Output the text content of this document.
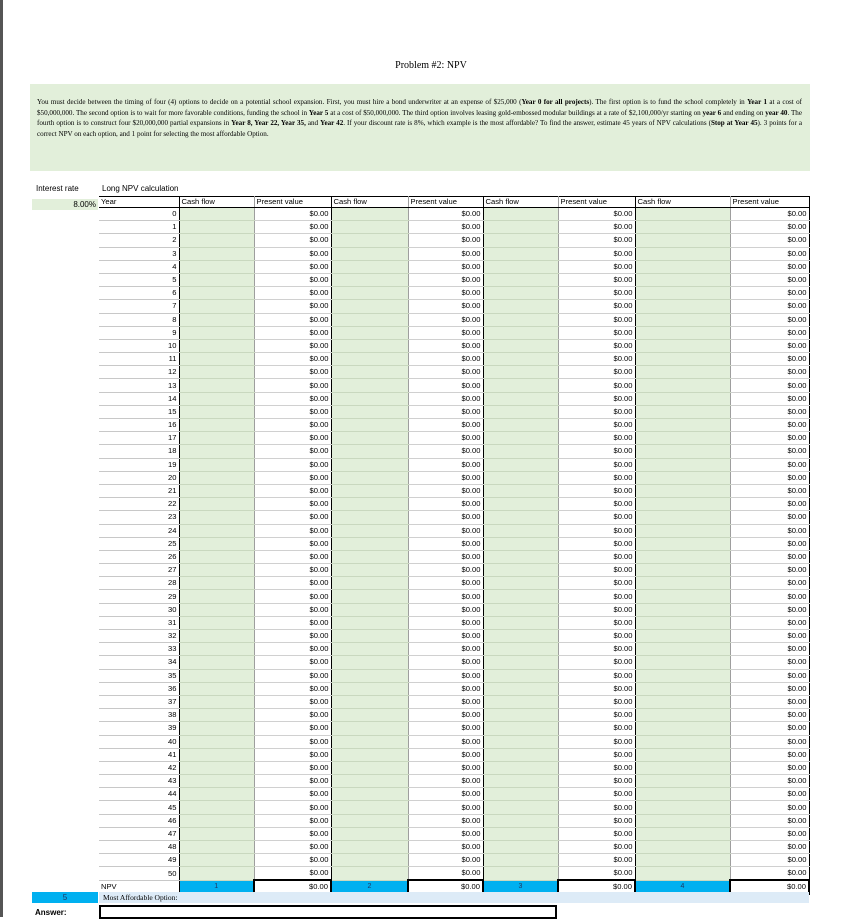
Problem #2: NPV
You must decide between the timing of four (4) options to decide on a potential school expansion. First, you must hire a bond underwriter at an expense of $25,000 (Year 0 for all projects). The first option is to fund the school completely in Year 1 at a cost of $50,000,000. The second option is to wait for more favorable conditions, funding the school in Year 5 at a cost of $50,000,000. The third option involves leasing gold-embossed modular buildings at a rate of $2,100,000/yr starting on year 6 and ending on year 40. The fourth option is to construct four $20,000,000 partial expansions in Year 8, Year 22, Year 35, and Year 42. If your discount rate is 8%, which example is the most affordable? To find the answer, estimate 45 years of NPV calculations (Stop at Year 45). 3 points for a correct NPV on each option, and 1 point for selecting the most affordable Option.
Interest rate	Long NPV calculation
8.00% Year	Cash flow	Present value	Cash flow	Present value	Cash flow	Present value	Cash flow	Present value
0		$0.00		$0.00		$0.00		$0.00
1		$0.00		$0.00		$0.00		$0.00
2		$0.00		$0.00		$0.00		$0.00
3		$0.00		$0.00		$0.00		$0.00
4		$0.00		$0.00		$0.00		$0.00
5		$0.00		$0.00		$0.00		$0.00
6		$0.00		$0.00		$0.00		$0.00
7		$0.00		$0.00		$0.00		$0.00
8		$0.00		$0.00		$0.00		$0.00
9		$0.00		$0.00		$0.00		$0.00
10		$0.00		$0.00		$0.00		$0.00
11		$0.00		$0.00		$0.00		$0.00
12		$0.00		$0.00		$0.00		$0.00
13		$0.00		$0.00		$0.00		$0.00
14		$0.00		$0.00		$0.00		$0.00
15		$0.00		$0.00		$0.00		$0.00
16		$0.00		$0.00		$0.00		$0.00
17		$0.00		$0.00		$0.00		$0.00
18		$0.00		$0.00		$0.00		$0.00
19		$0.00		$0.00		$0.00		$0.00
20		$0.00		$0.00		$0.00		$0.00
21		$0.00		$0.00		$0.00		$0.00
22		$0.00		$0.00		$0.00		$0.00
23		$0.00		$0.00		$0.00		$0.00
24		$0.00		$0.00		$0.00		$0.00
25		$0.00		$0.00		$0.00		$0.00
26		$0.00		$0.00		$0.00		$0.00
27		$0.00		$0.00		$0.00		$0.00
28		$0.00		$0.00		$0.00		$0.00
29		$0.00		$0.00		$0.00		$0.00
30		$0.00		$0.00		$0.00		$0.00
31		$0.00		$0.00		$0.00		$0.00
32		$0.00		$0.00		$0.00		$0.00
33		$0.00		$0.00		$0.00		$0.00
34		$0.00		$0.00		$0.00		$0.00
35		$0.00		$0.00		$0.00		$0.00
36		$0.00		$0.00		$0.00		$0.00
37		$0.00		$0.00		$0.00		$0.00
38		$0.00		$0.00		$0.00		$0.00
39		$0.00		$0.00		$0.00		$0.00
40		$0.00		$0.00		$0.00		$0.00
41		$0.00		$0.00		$0.00		$0.00
42		$0.00		$0.00		$0.00		$0.00
43		$0.00		$0.00		$0.00		$0.00
44		$0.00		$0.00		$0.00		$0.00
45		$0.00		$0.00		$0.00		$0.00
46		$0.00		$0.00		$0.00		$0.00
47		$0.00		$0.00		$0.00		$0.00
48		$0.00		$0.00		$0.00		$0.00
49		$0.00		$0.00		$0.00		$0.00
50		$0.00		$0.00		$0.00		$0.00
NPV	1	$0.00	2	$0.00	3	$0.00	4	$0.00
5	Most Affordable Option:
Answer:
